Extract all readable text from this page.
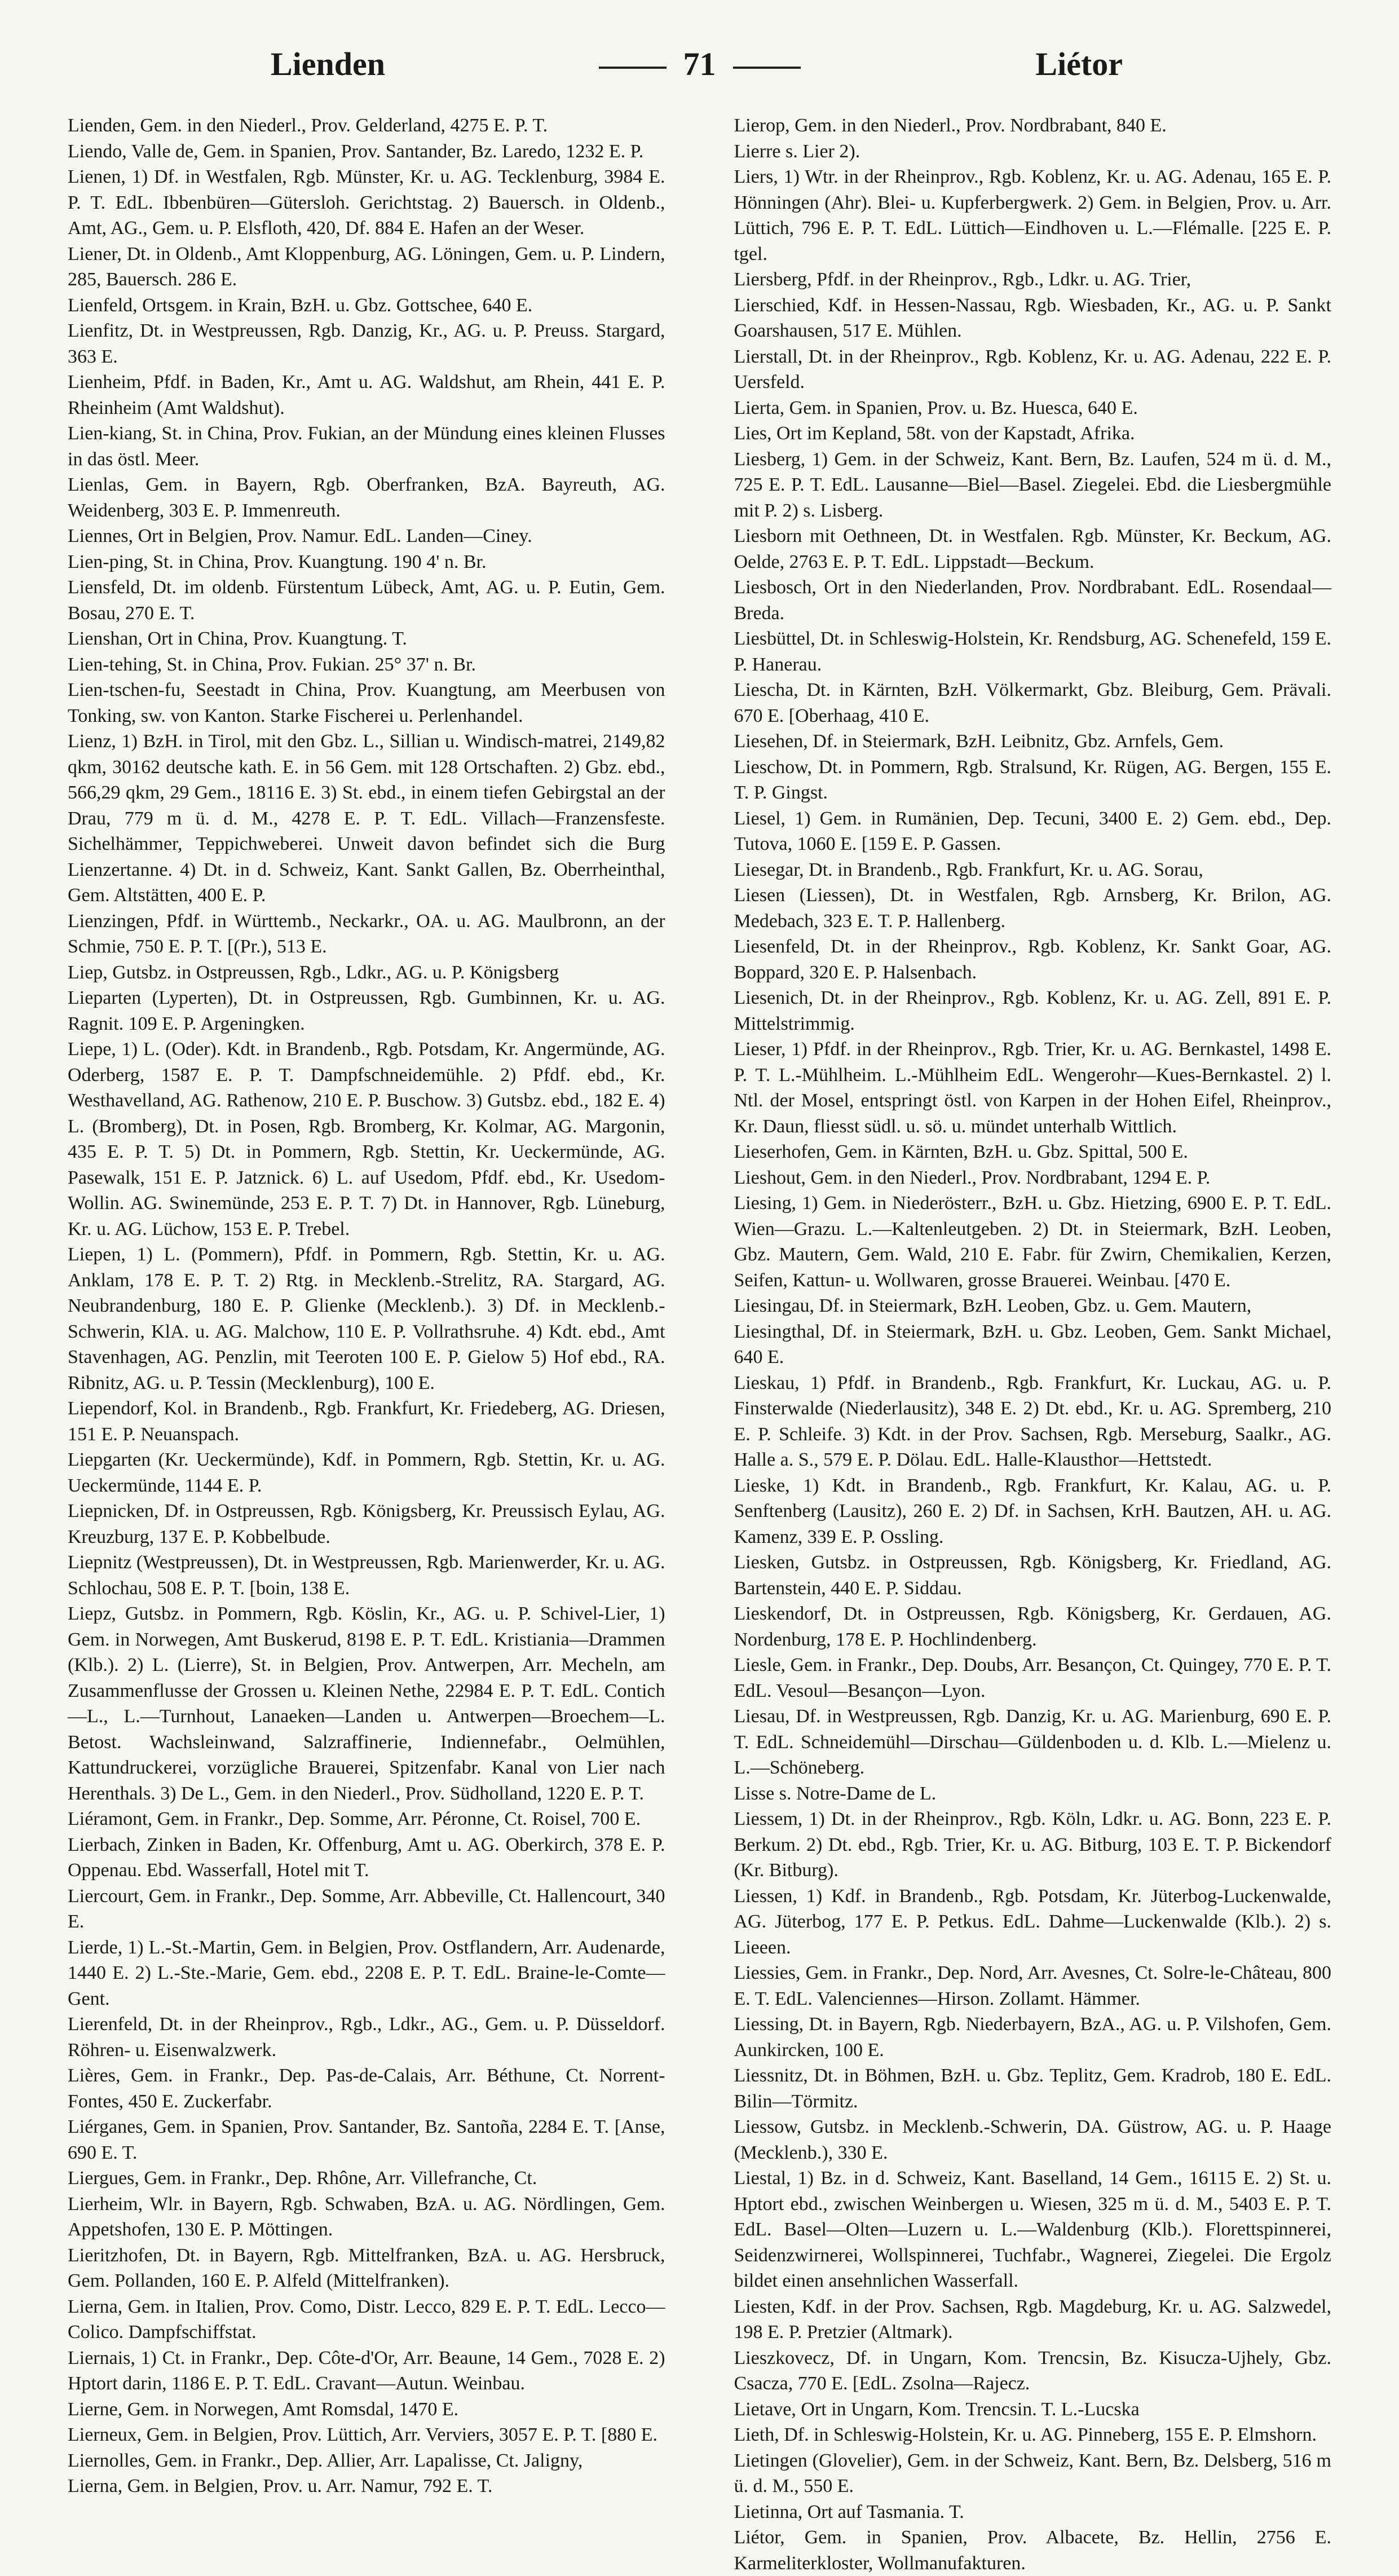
Lienden	71	Liétor

Lienden, Gem. in den Niederl., Prov. Gelderland, 4275 E. P. T.

Liendo, Valle de, Gem. in Spanien, Prov. Santander, Bz. Laredo, 1232 E. P.

Lienen, 1) Df. in Westfalen, Rgb. Münster, Kr. u. AG. Tecklenburg, 3984 E. P. T. EdL. Ibbenbüren—Gütersloh. Gerichtstag. 2) Bauersch. in Oldenb., Amt, AG., Gem. u. P. Elsfloth, 420, Df. 884 E. Hafen an der Weser.

Liener, Dt. in Oldenb., Amt Kloppenburg, AG. Löningen, Gem. u. P. Lindern, 285, Bauersch. 286 E.

Lienfeld, Ortsgem. in Krain, BzH. u. Gbz. Gottschee, 640 E.

Lienfitz, Dt. in Westpreussen, Rgb. Danzig, Kr., AG. u. P. Preuss. Stargard, 363 E.

Lienheim, Pfdf. in Baden, Kr., Amt u. AG. Waldshut, am Rhein, 441 E. P. Rheinheim (Amt Waldshut).

Lien-kiang, St. in China, Prov. Fukian, an der Mündung eines kleinen Flusses in das östl. Meer.

Lienlas, Gem. in Bayern, Rgb. Oberfranken, BzA. Bayreuth, AG. Weidenberg, 303 E. P. Immenreuth.

Liennes, Ort in Belgien, Prov. Namur. EdL. Landen—Ciney.

Lien-ping, St. in China, Prov. Kuangtung. 190 4' n. Br.

Liensfeld, Dt. im oldenb. Fürstentum Lübeck, Amt, AG. u. P. Eutin, Gem. Bosau, 270 E. T.

Lienshan, Ort in China, Prov. Kuangtung. T.

Lien-tehing, St. in China, Prov. Fukian. 25° 37' n. Br.

Lien-tschen-fu, Seestadt in China, Prov. Kuangtung, am Meerbusen von Tonking, sw. von Kanton. Starke Fischerei u. Perlenhandel.

Lienz, 1) BzH. in Tirol, mit den Gbz. L., Sillian u. Windisch-matrei, 2149,82 qkm, 30162 deutsche kath. E. in 56 Gem. mit 128 Ortschaften. 2) Gbz. ebd., 566,29 qkm, 29 Gem., 18116 E. 3) St. ebd., in einem tiefen Gebirgstal an der Drau, 779 m ü. d. M., 4278 E. P. T. EdL. Villach—Franzensfeste. Sichelhämmer, Teppichweberei. Unweit davon befindet sich die Burg Lienzertanne. 4) Dt. in d. Schweiz, Kant. Sankt Gallen, Bz. Oberrheinthal, Gem. Altstätten, 400 E. P.

Lienzingen, Pfdf. in Württemb., Neckarkr., OA. u. AG. Maulbronn, an der Schmie, 750 E. P. T. [(Pr.), 513 E.

Liep, Gutsbz. in Ostpreussen, Rgb., Ldkr., AG. u. P. Königsberg

Lieparten (Lyperten), Dt. in Ostpreussen, Rgb. Gumbinnen, Kr. u. AG. Ragnit. 109 E. P. Argeningken.

Liepe, 1) L. (Oder). Kdt. in Brandenb., Rgb. Potsdam, Kr. Angermünde, AG. Oderberg, 1587 E. P. T. Dampfschneidemühle. 2) Pfdf. ebd., Kr. Westhavelland, AG. Rathenow, 210 E. P. Buschow. 3) Gutsbz. ebd., 182 E. 4) L. (Bromberg), Dt. in Posen, Rgb. Bromberg, Kr. Kolmar, AG. Margonin, 435 E. P. T. 5) Dt. in Pommern, Rgb. Stettin, Kr. Ueckermünde, AG. Pasewalk, 151 E. P. Jatznick. 6) L. auf Usedom, Pfdf. ebd., Kr. Usedom-Wollin. AG. Swinemünde, 253 E. P. T. 7) Dt. in Hannover, Rgb. Lüneburg, Kr. u. AG. Lüchow, 153 E. P. Trebel.

Liepen, 1) L. (Pommern), Pfdf. in Pommern, Rgb. Stettin, Kr. u. AG. Anklam, 178 E. P. T. 2) Rtg. in Mecklenb.-Strelitz, RA. Stargard, AG. Neubrandenburg, 180 E. P. Glienke (Mecklenb.). 3) Df. in Mecklenb.-Schwerin, KlA. u. AG. Malchow, 110 E. P. Vollrathsruhe. 4) Kdt. ebd., Amt Stavenhagen, AG. Penzlin, mit Teeroten 100 E. P. Gielow 5) Hof ebd., RA. Ribnitz, AG. u. P. Tessin (Mecklenburg), 100 E.

Liependorf, Kol. in Brandenb., Rgb. Frankfurt, Kr. Friedeberg, AG. Driesen, 151 E. P. Neuanspach.

Liepgarten (Kr. Ueckermünde), Kdf. in Pommern, Rgb. Stettin, Kr. u. AG. Ueckermünde, 1144 E. P.

Liepnicken, Df. in Ostpreussen, Rgb. Königsberg, Kr. Preussisch Eylau, AG. Kreuzburg, 137 E. P. Kobbelbude.

Liepnitz (Westpreussen), Dt. in Westpreussen, Rgb. Marienwerder, Kr. u. AG. Schlochau, 508 E. P. T. [boin, 138 E.

Liepz, Gutsbz. in Pommern, Rgb. Köslin, Kr., AG. u. P. Schivel-Lier, 1) Gem. in Norwegen, Amt Buskerud, 8198 E. P. T. EdL. Kristiania—Drammen (Klb.). 2) L. (Lierre), St. in Belgien, Prov. Antwerpen, Arr. Mecheln, am Zusammenflusse der Grossen u. Kleinen Nethe, 22984 E. P. T. EdL. Contich—L., L.—Turnhout, Lanaeken—Landen u. Antwerpen—Broechem—L. Betost. Wachsleinwand, Salzraffinerie, Indiennefabr., Oelmühlen, Kattundruckerei, vorzügliche Brauerei, Spitzenfabr. Kanal von Lier nach Herenthals. 3) De L., Gem. in den Niederl., Prov. Südholland, 1220 E. P. T.

Liéramont, Gem. in Frankr., Dep. Somme, Arr. Péronne, Ct. Roisel, 700 E.

Lierbach, Zinken in Baden, Kr. Offenburg, Amt u. AG. Oberkirch, 378 E. P. Oppenau. Ebd. Wasserfall, Hotel mit T.

Liercourt, Gem. in Frankr., Dep. Somme, Arr. Abbeville, Ct. Hallencourt, 340 E.

Lierde, 1) L.-St.-Martin, Gem. in Belgien, Prov. Ostflandern, Arr. Audenarde, 1440 E. 2) L.-Ste.-Marie, Gem. ebd., 2208 E. P. T. EdL. Braine-le-Comte—Gent.

Lierenfeld, Dt. in der Rheinprov., Rgb., Ldkr., AG., Gem. u. P. Düsseldorf. Röhren- u. Eisenwalzwerk.

Lières, Gem. in Frankr., Dep. Pas-de-Calais, Arr. Béthune, Ct. Norrent-Fontes, 450 E. Zuckerfabr.

Liérganes, Gem. in Spanien, Prov. Santander, Bz. Santoña, 2284 E. T. [Anse, 690 E. T.

Liergues, Gem. in Frankr., Dep. Rhône, Arr. Villefranche, Ct.

Lierheim, Wlr. in Bayern, Rgb. Schwaben, BzA. u. AG. Nördlingen, Gem. Appetshofen, 130 E. P. Möttingen.

Lieritzhofen, Dt. in Bayern, Rgb. Mittelfranken, BzA. u. AG. Hersbruck, Gem. Pollanden, 160 E. P. Alfeld (Mittelfranken).

Lierna, Gem. in Italien, Prov. Como, Distr. Lecco, 829 E. P. T. EdL. Lecco—Colico. Dampfschiffstat.

Liernais, 1) Ct. in Frankr., Dep. Côte-d'Or, Arr. Beaune, 14 Gem., 7028 E. 2) Hptort darin, 1186 E. P. T. EdL. Cravant—Autun. Weinbau.

Lierne, Gem. in Norwegen, Amt Romsdal, 1470 E.

Lierneux, Gem. in Belgien, Prov. Lüttich, Arr. Verviers, 3057 E. P. T. [880 E.

Liernolles, Gem. in Frankr., Dep. Allier, Arr. Lapalisse, Ct. Jaligny,

Lierna, Gem. in Belgien, Prov. u. Arr. Namur, 792 E. T.

Lierop, Gem. in den Niederl., Prov. Nordbrabant, 840 E.

Lierre s. Lier 2).

Liers, 1) Wtr. in der Rheinprov., Rgb. Koblenz, Kr. u. AG. Adenau, 165 E. P. Hönningen (Ahr). Blei- u. Kupferbergwerk. 2) Gem. in Belgien, Prov. u. Arr. Lüttich, 796 E. P. T. EdL. Lüttich—Eindhoven u. L.—Flémalle. [225 E. P. tgel.

Liersberg, Pfdf. in der Rheinprov., Rgb., Ldkr. u. AG. Trier,

Lierschied, Kdf. in Hessen-Nassau, Rgb. Wiesbaden, Kr., AG. u. P. Sankt Goarshausen, 517 E. Mühlen.

Lierstall, Dt. in der Rheinprov., Rgb. Koblenz, Kr. u. AG. Adenau, 222 E. P. Uersfeld.

Lierta, Gem. in Spanien, Prov. u. Bz. Huesca, 640 E.

Lies, Ort im Kepland, 58t. von der Kapstadt, Afrika.

Liesberg, 1) Gem. in der Schweiz, Kant. Bern, Bz. Laufen, 524 m ü. d. M., 725 E. P. T. EdL. Lausanne—Biel—Basel. Ziegelei. Ebd. die Liesbergmühle mit P. 2) s. Lisberg.

Liesborn mit Oethneen, Dt. in Westfalen. Rgb. Münster, Kr. Beckum, AG. Oelde, 2763 E. P. T. EdL. Lippstadt—Beckum.

Liesbosch, Ort in den Niederlanden, Prov. Nordbrabant. EdL. Rosendaal—Breda.

Liesbüttel, Dt. in Schleswig-Holstein, Kr. Rendsburg, AG. Schenefeld, 159 E. P. Hanerau.

Liescha, Dt. in Kärnten, BzH. Völkermarkt, Gbz. Bleiburg, Gem. Prävali. 670 E. [Oberhaag, 410 E.

Liesehen, Df. in Steiermark, BzH. Leibnitz, Gbz. Arnfels, Gem.

Lieschow, Dt. in Pommern, Rgb. Stralsund, Kr. Rügen, AG. Bergen, 155 E. T. P. Gingst.

Liesel, 1) Gem. in Rumänien, Dep. Tecuni, 3400 E. 2) Gem. ebd., Dep. Tutova, 1060 E. [159 E. P. Gassen.

Liesegar, Dt. in Brandenb., Rgb. Frankfurt, Kr. u. AG. Sorau,

Liesen (Liessen), Dt. in Westfalen, Rgb. Arnsberg, Kr. Brilon, AG. Medebach, 323 E. T. P. Hallenberg.

Liesenfeld, Dt. in der Rheinprov., Rgb. Koblenz, Kr. Sankt Goar, AG. Boppard, 320 E. P. Halsenbach.

Liesenich, Dt. in der Rheinprov., Rgb. Koblenz, Kr. u. AG. Zell, 891 E. P. Mittelstrimmig.

Lieser, 1) Pfdf. in der Rheinprov., Rgb. Trier, Kr. u. AG. Bernkastel, 1498 E. P. T. L.-Mühlheim. L.-Mühlheim EdL. Wengerohr—Kues-Bernkastel. 2) l. Ntl. der Mosel, entspringt östl. von Karpen in der Hohen Eifel, Rheinprov., Kr. Daun, fliesst südl. u. sö. u. mündet unterhalb Wittlich.

Lieserhofen, Gem. in Kärnten, BzH. u. Gbz. Spittal, 500 E.

Lieshout, Gem. in den Niederl., Prov. Nordbrabant, 1294 E. P.

Liesing, 1) Gem. in Niederösterr., BzH. u. Gbz. Hietzing, 6900 E. P. T. EdL. Wien—Grazu. L.—Kaltenleutgeben. 2) Dt. in Steiermark, BzH. Leoben, Gbz. Mautern, Gem. Wald, 210 E. Fabr. für Zwirn, Chemikalien, Kerzen, Seifen, Kattun- u. Wollwaren, grosse Brauerei. Weinbau. [470 E.

Liesingau, Df. in Steiermark, BzH. Leoben, Gbz. u. Gem. Mautern,

Liesingthal, Df. in Steiermark, BzH. u. Gbz. Leoben, Gem. Sankt Michael, 640 E.

Lieskau, 1) Pfdf. in Brandenb., Rgb. Frankfurt, Kr. Luckau, AG. u. P. Finsterwalde (Niederlausitz), 348 E. 2) Dt. ebd., Kr. u. AG. Spremberg, 210 E. P. Schleife. 3) Kdt. in der Prov. Sachsen, Rgb. Merseburg, Saalkr., AG. Halle a. S., 579 E. P. Dölau. EdL. Halle-Klausthor—Hettstedt.

Lieske, 1) Kdt. in Brandenb., Rgb. Frankfurt, Kr. Kalau, AG. u. P. Senftenberg (Lausitz), 260 E. 2) Df. in Sachsen, KrH. Bautzen, AH. u. AG. Kamenz, 339 E. P. Ossling.

Liesken, Gutsbz. in Ostpreussen, Rgb. Königsberg, Kr. Friedland, AG. Bartenstein, 440 E. P. Siddau.

Lieskendorf, Dt. in Ostpreussen, Rgb. Königsberg, Kr. Gerdauen, AG. Nordenburg, 178 E. P. Hochlindenberg.

Liesle, Gem. in Frankr., Dep. Doubs, Arr. Besançon, Ct. Quingey, 770 E. P. T. EdL. Vesoul—Besançon—Lyon.

Liesau, Df. in Westpreussen, Rgb. Danzig, Kr. u. AG. Marienburg, 690 E. P. T. EdL. Schneidemühl—Dirschau—Güldenboden u. d. Klb. L.—Mielenz u. L.—Schöneberg.

Lisse s. Notre-Dame de L.

Liessem, 1) Dt. in der Rheinprov., Rgb. Köln, Ldkr. u. AG. Bonn, 223 E. P. Berkum. 2) Dt. ebd., Rgb. Trier, Kr. u. AG. Bitburg, 103 E. T. P. Bickendorf (Kr. Bitburg).

Liessen, 1) Kdf. in Brandenb., Rgb. Potsdam, Kr. Jüterbog-Luckenwalde, AG. Jüterbog, 177 E. P. Petkus. EdL. Dahme—Luckenwalde (Klb.). 2) s. Lieeen.

Liessies, Gem. in Frankr., Dep. Nord, Arr. Avesnes, Ct. Solre-le-Château, 800 E. T. EdL. Valenciennes—Hirson. Zollamt. Hämmer.

Liessing, Dt. in Bayern, Rgb. Niederbayern, BzA., AG. u. P. Vilshofen, Gem. Aunkircken, 100 E.

Liessnitz, Dt. in Böhmen, BzH. u. Gbz. Teplitz, Gem. Kradrob, 180 E. EdL. Bilin—Törmitz.

Liessow, Gutsbz. in Mecklenb.-Schwerin, DA. Güstrow, AG. u. P. Haage (Mecklenb.), 330 E.

Liestal, 1) Bz. in d. Schweiz, Kant. Baselland, 14 Gem., 16115 E. 2) St. u. Hptort ebd., zwischen Weinbergen u. Wiesen, 325 m ü. d. M., 5403 E. P. T. EdL. Basel—Olten—Luzern u. L.—Waldenburg (Klb.). Florettspinnerei, Seidenzwirnerei, Wollspinnerei, Tuchfabr., Wagnerei, Ziegelei. Die Ergolz bildet einen ansehnlichen Wasserfall.

Liesten, Kdf. in der Prov. Sachsen, Rgb. Magdeburg, Kr. u. AG. Salzwedel, 198 E. P. Pretzier (Altmark).

Lieszkovecz, Df. in Ungarn, Kom. Trencsin, Bz. Kisucza-Ujhely, Gbz. Csacza, 770 E. [EdL. Zsolna—Rajecz.

Lietave, Ort in Ungarn, Kom. Trencsin. T. L.-Lucska

Lieth, Df. in Schleswig-Holstein, Kr. u. AG. Pinneberg, 155 E. P. Elmshorn.

Lietingen (Glovelier), Gem. in der Schweiz, Kant. Bern, Bz. Delsberg, 516 m ü. d. M., 550 E.

Lietinna, Ort auf Tasmania. T.

Liétor, Gem. in Spanien, Prov. Albacete, Bz. Hellin, 2756 E. Karmeliterkloster, Wollmanufakturen.
